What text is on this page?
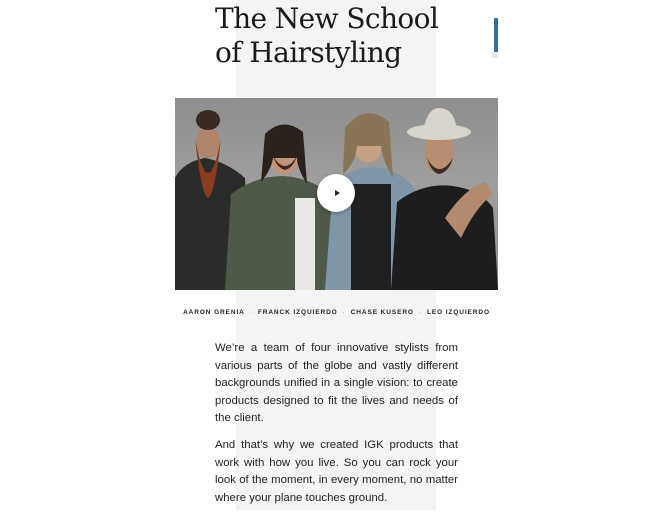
The New School
of Hairstyling
AARON GRENIA · FRANCK IZQUIERDO · CHASE KUSERO · LEO IZQUIERDO

We’re a team of four innovative stylists from various parts of the globe and vastly different backgrounds unified in a single vision: to create products designed to fit the lives and needs of the client.

And that’s why we created IGK products that work with how you live. So you can rock your look of the moment, in every moment, no matter where your plane touches ground.
